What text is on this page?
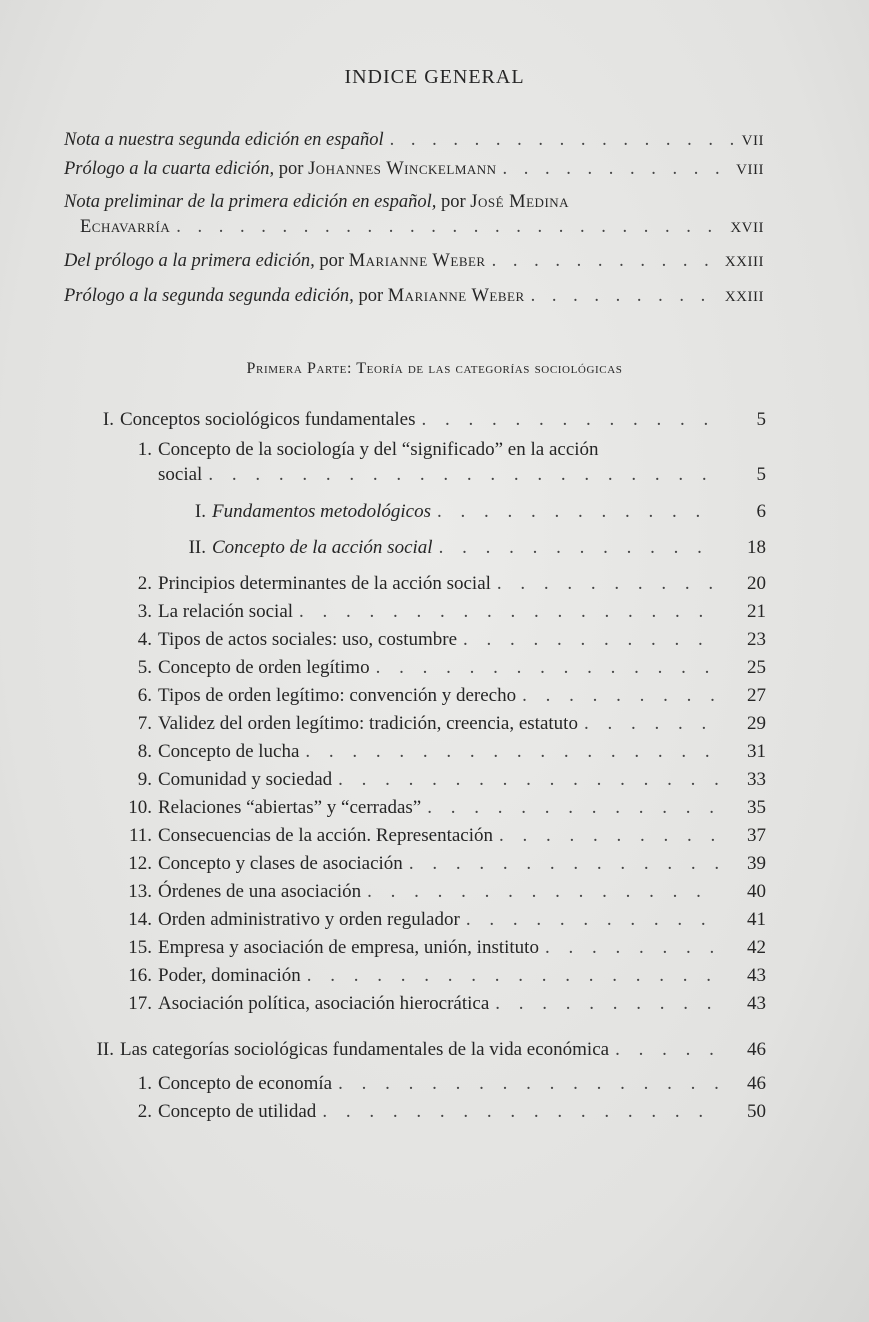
INDICE GENERAL
Nota a nuestra segunda edición en español . . .	VII
Prólogo a la cuarta edición, por Johannes Winckelmann . . .	VIII
Nota preliminar de la primera edición en español, por José Medina
Echavarría . . .	XVII
Del prólogo a la primera edición, por Marianne Weber . . .	XXIII
Prólogo a la segunda segunda edición, por Marianne Weber . . .	XXIII
Primera Parte: Teoría de las categorías sociológicas
I. Conceptos sociológicos fundamentales . . .	5
1. Concepto de la sociología y del “significado” en la acción
social . . .	5
I. Fundamentos metodológicos . . .	6
II. Concepto de la acción social . . .	18
2. Principios determinantes de la acción social . . .	20
3. La relación social . . .	21
4. Tipos de actos sociales: uso, costumbre . . .	23
5. Concepto de orden legítimo . . .	25
6. Tipos de orden legítimo: convención y derecho . . .	27
7. Validez del orden legítimo: tradición, creencia, estatuto . . .	29
8. Concepto de lucha . . .	31
9. Comunidad y sociedad . . .	33
10. Relaciones “abiertas” y “cerradas” . . .	35
11. Consecuencias de la acción. Representación . . .	37
12. Concepto y clases de asociación . . .	39
13. Órdenes de una asociación . . .	40
14. Orden administrativo y orden regulador . . .	41
15. Empresa y asociación de empresa, unión, instituto . . .	42
16. Poder, dominación . . .	43
17. Asociación política, asociación hierocrática . . .	43
II. Las categorías sociológicas fundamentales de la vida económica . . .	46
1. Concepto de economía . . .	46
2. Concepto de utilidad . . .	50
